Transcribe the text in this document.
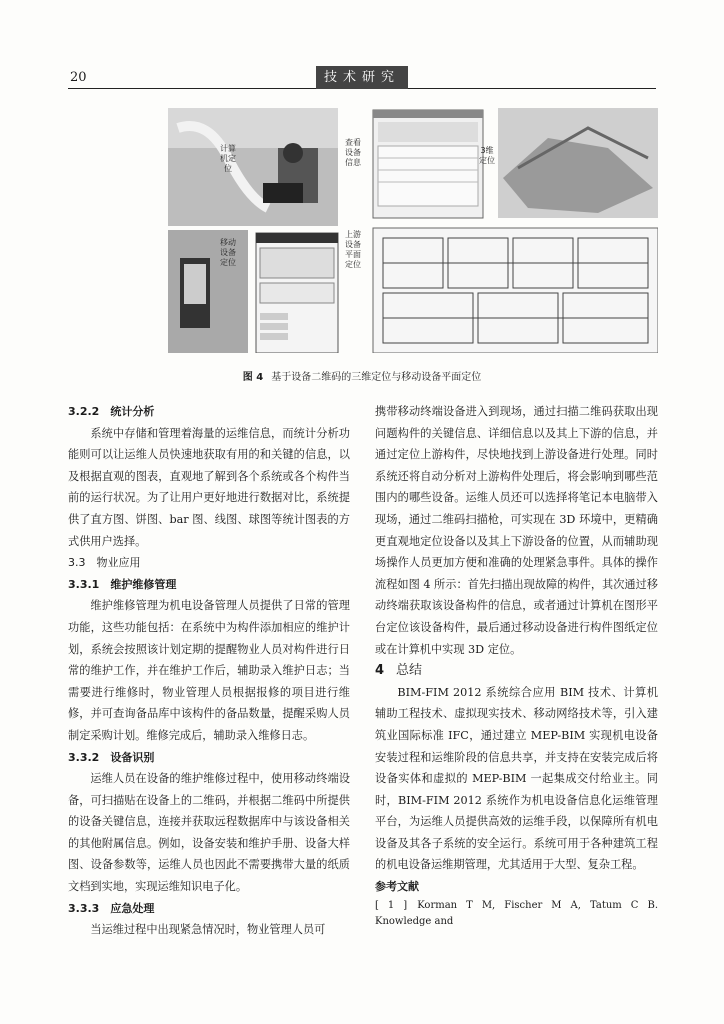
20	技术研究
计算机定位
查看设备信息
3维定位
移动设备定位
上游设备平面定位
图 4 基于设备二维码的三维定位与移动设备平面定位

3.2.2　统计分析

系统中存储和管理着海量的运维信息，而统计分析功能则可以让运维人员快速地获取有用的和关键的信息，以及根据直观的图表，直观地了解到各个系统或各个构件当前的运行状况。为了让用户更好地进行数据对比，系统提供了直方图、饼图、bar 图、线图、球图等统计图表的方式供用户选择。

3.3　物业应用

3.3.1　维护维修管理

维护维修管理为机电设备管理人员提供了日常的管理功能，这些功能包括：在系统中为构件添加相应的维护计划，系统会按照该计划定期的提醒物业人员对构件进行日常的维护工作，并在维护工作后，辅助录入维护日志；当需要进行维修时，物业管理人员根据报修的项目进行维修，并可查询备品库中该构件的备品数量，提醒采购人员制定采购计划。维修完成后，辅助录入维修日志。

3.3.2　设备识别

运维人员在设备的维护维修过程中，使用移动终端设备，可扫描贴在设备上的二维码，并根据二维码中所提供的设备关键信息，连接并获取远程数据库中与该设备相关的其他附属信息。例如，设备安装和维护手册、设备大样图、设备参数等，运维人员也因此不需要携带大量的纸质文档到实地，实现运维知识电子化。

3.3.3　应急处理

当运维过程中出现紧急情况时，物业管理人员可

携带移动终端设备进入到现场，通过扫描二维码获取出现问题构件的关键信息、详细信息以及其上下游的信息，并通过定位上游构件，尽快地找到上游设备进行处理。同时系统还将自动分析对上游构件处理后，将会影响到哪些范围内的哪些设备。运维人员还可以选择将笔记本电脑带入现场，通过二维码扫描枪，可实现在 3D 环境中，更精确更直观地定位设备以及其上下游设备的位置，从而辅助现场操作人员更加方便和准确的处理紧急事件。具体的操作流程如图 4 所示：首先扫描出现故障的构件，其次通过移动终端获取该设备构件的信息，或者通过计算机在图形平台定位该设备构件，最后通过移动设备进行构件图纸定位或在计算机中实现 3D 定位。

4 总结

BIM-FIM 2012 系统综合应用 BIM 技术、计算机辅助工程技术、虚拟现实技术、移动网络技术等，引入建筑业国际标准 IFC，通过建立 MEP-BIM 实现机电设备安装过程和运维阶段的信息共享，并支持在安装完成后将设备实体和虚拟的 MEP-BIM 一起集成交付给业主。同时，BIM-FIM 2012 系统作为机电设备信息化运维管理平台，为运维人员提供高效的运维手段，以保障所有机电设备及其各子系统的安全运行。系统可用于各种建筑工程的机电设备运维期管理，尤其适用于大型、复杂工程。

参考文献

[ 1 ] Korman T M, Fischer M A, Tatum C B. Knowledge and
